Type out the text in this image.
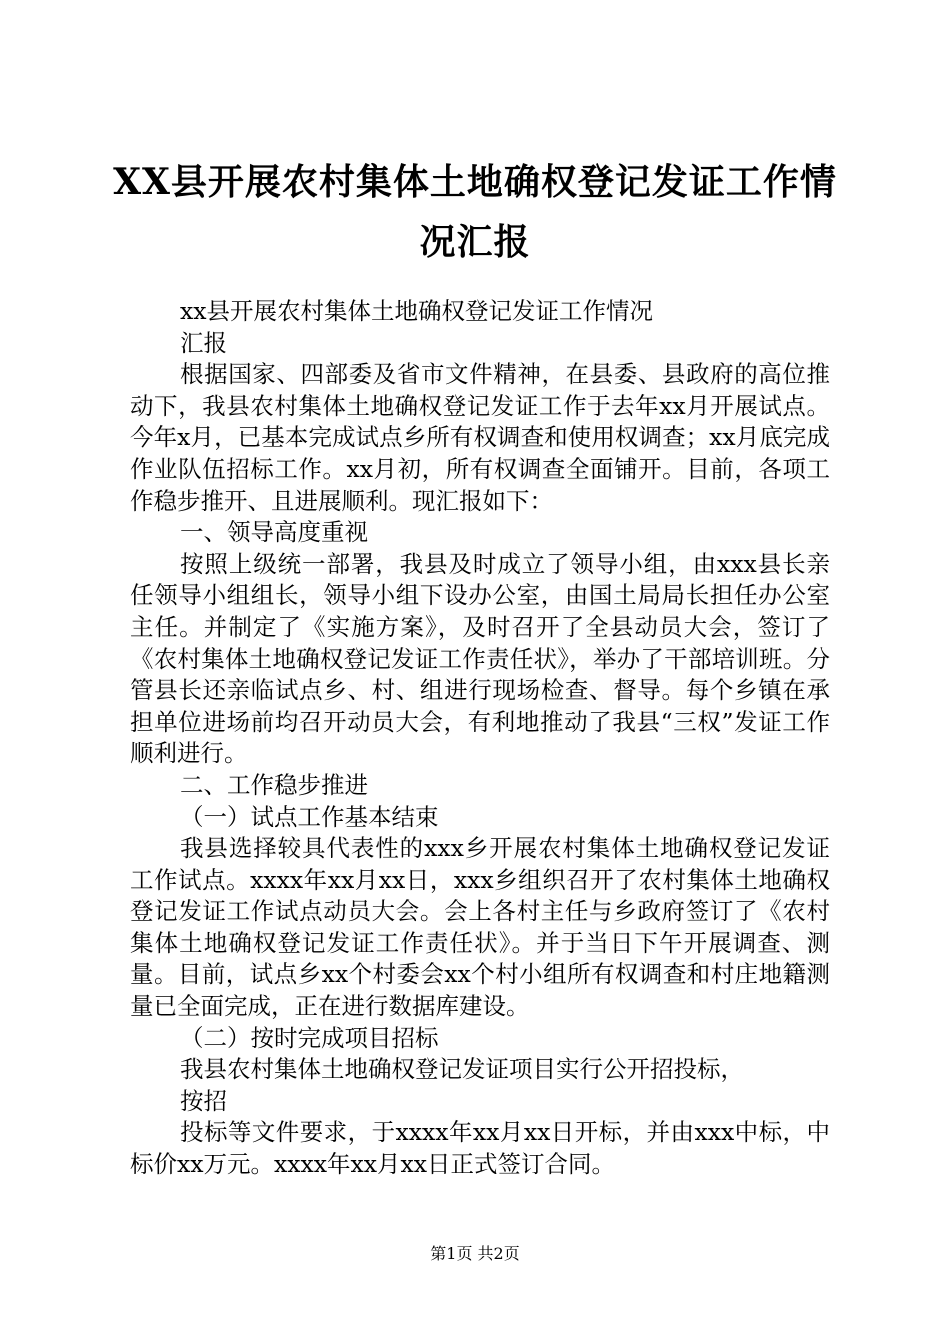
XX县开展农村集体土地确权登记发证工作情
况汇报

xx县开展农村集体土地确权登记发证工作情况

汇报

根据国家、四部委及省市文件精神，在县委、县政府的高位推动下，我县农村集体土地确权登记发证工作于去年xx月开展试点。今年x月，已基本完成试点乡所有权调查和使用权调查；xx月底完成作业队伍招标工作。xx月初，所有权调查全面铺开。目前，各项工作稳步推开、且进展顺利。现汇报如下：

一、领导高度重视

按照上级统一部署，我县及时成立了领导小组，由xxx县长亲任领导小组组长，领导小组下设办公室，由国土局局长担任办公室主任。并制定了《实施方案》，及时召开了全县动员大会，签订了《农村集体土地确权登记发证工作责任状》，举办了干部培训班。分管县长还亲临试点乡、村、组进行现场检查、督导。每个乡镇在承担单位进场前均召开动员大会，有利地推动了我县“三权”发证工作顺利进行。

二、工作稳步推进

（一）试点工作基本结束

我县选择较具代表性的xxx乡开展农村集体土地确权登记发证工作试点。xxxx年xx月xx日，xxx乡组织召开了农村集体土地确权登记发证工作试点动员大会。会上各村主任与乡政府签订了《农村集体土地确权登记发证工作责任状》。并于当日下午开展调查、测量。目前，试点乡xx个村委会xx个村小组所有权调查和村庄地籍测量已全面完成，正在进行数据库建设。

（二）按时完成项目招标

我县农村集体土地确权登记发证项目实行公开招投标，

按招

投标等文件要求，于xxxx年xx月xx日开标，并由xxx中标，中标价xx万元。xxxx年xx月xx日正式签订合同。

第1页 共2页
